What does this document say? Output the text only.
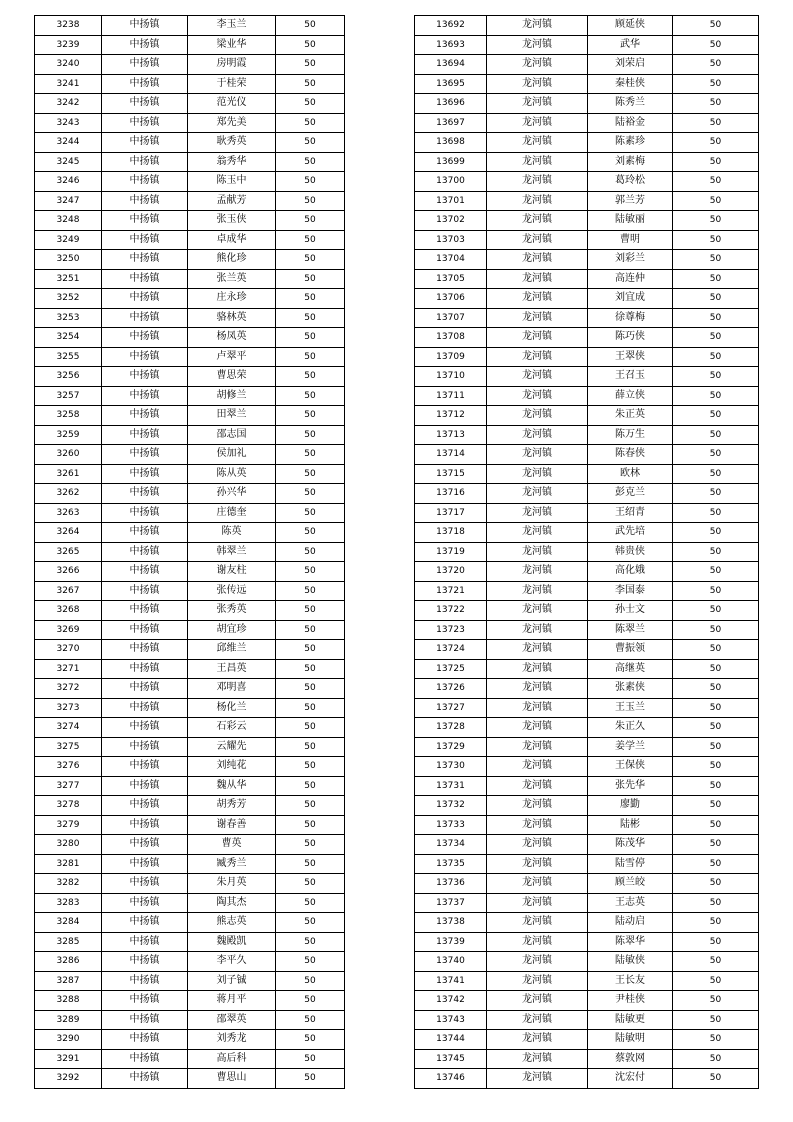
3238	中扬镇	李玉兰	50
3239	中扬镇	梁业华	50
3240	中扬镇	房明霞	50
3241	中扬镇	于桂荣	50
3242	中扬镇	范光仪	50
3243	中扬镇	郑先美	50
3244	中扬镇	耿秀英	50
3245	中扬镇	翁秀华	50
3246	中扬镇	陈玉中	50
3247	中扬镇	孟献芳	50
3248	中扬镇	张玉侠	50
3249	中扬镇	卓成华	50
3250	中扬镇	熊化珍	50
3251	中扬镇	张兰英	50
3252	中扬镇	庄永珍	50
3253	中扬镇	骆林英	50
3254	中扬镇	杨凤英	50
3255	中扬镇	卢翠平	50
3256	中扬镇	曹思荣	50
3257	中扬镇	胡修兰	50
3258	中扬镇	田翠兰	50
3259	中扬镇	邵志国	50
3260	中扬镇	侯加礼	50
3261	中扬镇	陈从英	50
3262	中扬镇	孙兴华	50
3263	中扬镇	庄德奎	50
3264	中扬镇	陈英	50
3265	中扬镇	韩翠兰	50
3266	中扬镇	谢友柱	50
3267	中扬镇	张传远	50
3268	中扬镇	张秀英	50
3269	中扬镇	胡宜珍	50
3270	中扬镇	邱维兰	50
3271	中扬镇	王昌英	50
3272	中扬镇	邓明喜	50
3273	中扬镇	杨化兰	50
3274	中扬镇	石彩云	50
3275	中扬镇	云耀先	50
3276	中扬镇	刘纯花	50
3277	中扬镇	魏从华	50
3278	中扬镇	胡秀芳	50
3279	中扬镇	谢春善	50
3280	中扬镇	曹英	50
3281	中扬镇	臧秀兰	50
3282	中扬镇	朱月英	50
3283	中扬镇	陶其杰	50
3284	中扬镇	熊志英	50
3285	中扬镇	魏殿凯	50
3286	中扬镇	李平久	50
3287	中扬镇	刘子铖	50
3288	中扬镇	蒋月平	50
3289	中扬镇	邵翠英	50
3290	中扬镇	刘秀龙	50
3291	中扬镇	高后科	50
3292	中扬镇	曹思山	50
13692	龙河镇	顾延侠	50
13693	龙河镇	武华	50
13694	龙河镇	刘荣启	50
13695	龙河镇	秦桂侠	50
13696	龙河镇	陈秀兰	50
13697	龙河镇	陆裕金	50
13698	龙河镇	陈素珍	50
13699	龙河镇	刘素梅	50
13700	龙河镇	葛玲松	50
13701	龙河镇	郭兰芳	50
13702	龙河镇	陆敏丽	50
13703	龙河镇	曹明	50
13704	龙河镇	刘彩兰	50
13705	龙河镇	高连仲	50
13706	龙河镇	刘宜成	50
13707	龙河镇	徐尊梅	50
13708	龙河镇	陈巧侠	50
13709	龙河镇	王翠侠	50
13710	龙河镇	王召玉	50
13711	龙河镇	薛立侠	50
13712	龙河镇	朱正英	50
13713	龙河镇	陈万生	50
13714	龙河镇	陈春侠	50
13715	龙河镇	欧林	50
13716	龙河镇	彭克兰	50
13717	龙河镇	王绍青	50
13718	龙河镇	武先培	50
13719	龙河镇	韩贵侠	50
13720	龙河镇	高化娥	50
13721	龙河镇	李国泰	50
13722	龙河镇	孙士文	50
13723	龙河镇	陈翠兰	50
13724	龙河镇	曹振领	50
13725	龙河镇	高继英	50
13726	龙河镇	张素侠	50
13727	龙河镇	王玉兰	50
13728	龙河镇	朱正久	50
13729	龙河镇	姜学兰	50
13730	龙河镇	王保侠	50
13731	龙河镇	张先华	50
13732	龙河镇	廖勤	50
13733	龙河镇	陆彬	50
13734	龙河镇	陈茂华	50
13735	龙河镇	陆雪停	50
13736	龙河镇	顾兰皎	50
13737	龙河镇	王志英	50
13738	龙河镇	陆动启	50
13739	龙河镇	陈翠华	50
13740	龙河镇	陆敏侠	50
13741	龙河镇	王长友	50
13742	龙河镇	尹桂侠	50
13743	龙河镇	陆敏更	50
13744	龙河镇	陆敏明	50
13745	龙河镇	蔡敦网	50
13746	龙河镇	沈宏付	50
